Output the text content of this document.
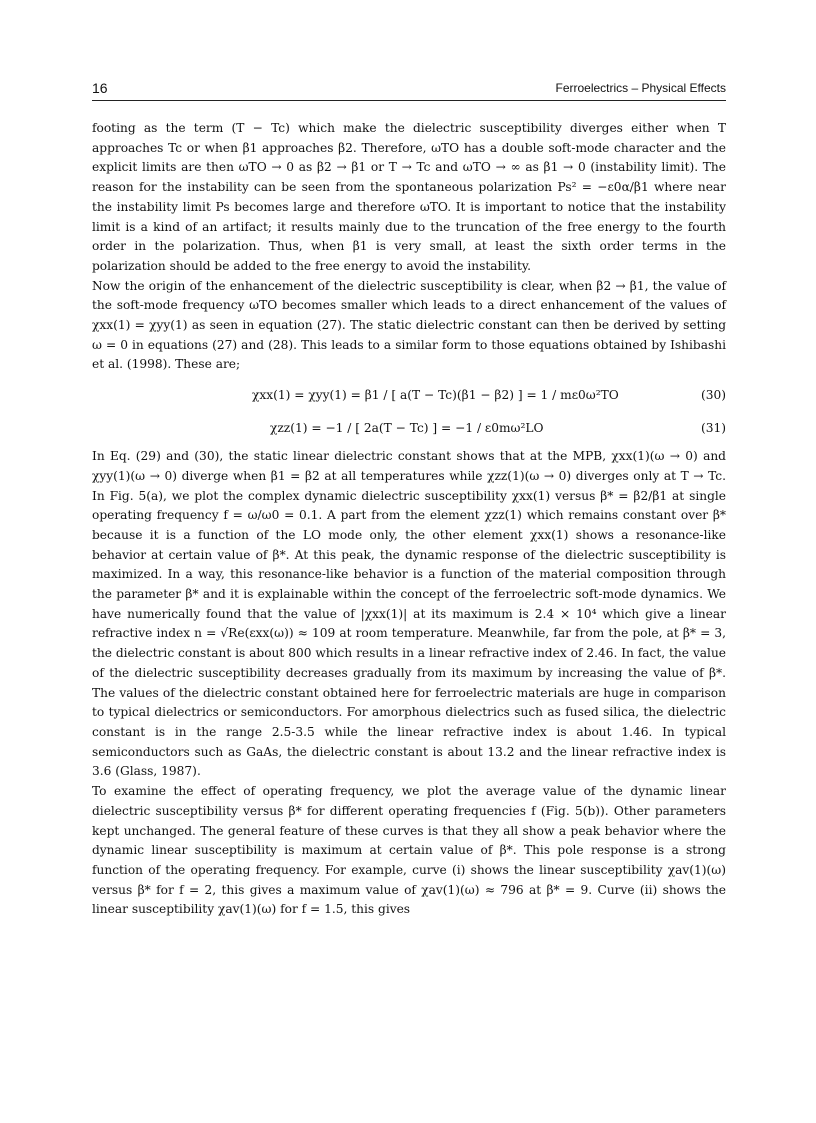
16	Ferroelectrics – Physical Effects

footing as the term (T − Tc) which make the dielectric susceptibility diverges either when T approaches Tc or when β1 approaches β2. Therefore, ωTO has a double soft-mode character and the explicit limits are then ωTO → 0 as β2 → β1 or T → Tc and ωTO → ∞ as β1 → 0 (instability limit). The reason for the instability can be seen from the spontaneous polarization Ps² = −ε0α/β1 where near the instability limit Ps becomes large and therefore ωTO. It is important to notice that the instability limit is a kind of an artifact; it results mainly due to the truncation of the free energy to the fourth order in the polarization. Thus, when β1 is very small, at least the sixth order terms in the polarization should be added to the free energy to avoid the instability.

Now the origin of the enhancement of the dielectric susceptibility is clear, when β2 → β1, the value of the soft-mode frequency ωTO becomes smaller which leads to a direct enhancement of the values of χxx(1) = χyy(1) as seen in equation (27). The static dielectric constant can then be derived by setting ω = 0 in equations (27) and (28). This leads to a similar form to those equations obtained by Ishibashi et al. (1998). These are;

χxx(1) = χyy(1) = β1 / [ a(T − Tc)(β1 − β2) ] = 1 / mε0ω²TO	(30)
χzz(1) = −1 / [ 2a(T − Tc) ] = −1 / ε0mω²LO	(31)

In Eq. (29) and (30), the static linear dielectric constant shows that at the MPB, χxx(1)(ω → 0) and χyy(1)(ω → 0) diverge when β1 = β2 at all temperatures while χzz(1)(ω → 0) diverges only at T → Tc. In Fig. 5(a), we plot the complex dynamic dielectric susceptibility χxx(1) versus β* = β2/β1 at single operating frequency f = ω/ω0 = 0.1. A part from the element χzz(1) which remains constant over β* because it is a function of the LO mode only, the other element χxx(1) shows a resonance-like behavior at certain value of β*. At this peak, the dynamic response of the dielectric susceptibility is maximized. In a way, this resonance-like behavior is a function of the material composition through the parameter β* and it is explainable within the concept of the ferroelectric soft-mode dynamics. We have numerically found that the value of |χxx(1)| at its maximum is 2.4 × 10⁴ which give a linear refractive index n = √Re(εxx(ω)) ≈ 109 at room temperature. Meanwhile, far from the pole, at β* = 3, the dielectric constant is about 800 which results in a linear refractive index of 2.46. In fact, the value of the dielectric susceptibility decreases gradually from its maximum by increasing the value of β*. The values of the dielectric constant obtained here for ferroelectric materials are huge in comparison to typical dielectrics or semiconductors. For amorphous dielectrics such as fused silica, the dielectric constant is in the range 2.5-3.5 while the linear refractive index is about 1.46. In typical semiconductors such as GaAs, the dielectric constant is about 13.2 and the linear refractive index is 3.6 (Glass, 1987).

To examine the effect of operating frequency, we plot the average value of the dynamic linear dielectric susceptibility versus β* for different operating frequencies f (Fig. 5(b)). Other parameters kept unchanged. The general feature of these curves is that they all show a peak behavior where the dynamic linear susceptibility is maximum at certain value of β*. This pole response is a strong function of the operating frequency. For example, curve (i) shows the linear susceptibility χav(1)(ω) versus β* for f = 2, this gives a maximum value of χav(1)(ω) ≈ 796 at β* = 9. Curve (ii) shows the linear susceptibility χav(1)(ω) for f = 1.5, this gives
